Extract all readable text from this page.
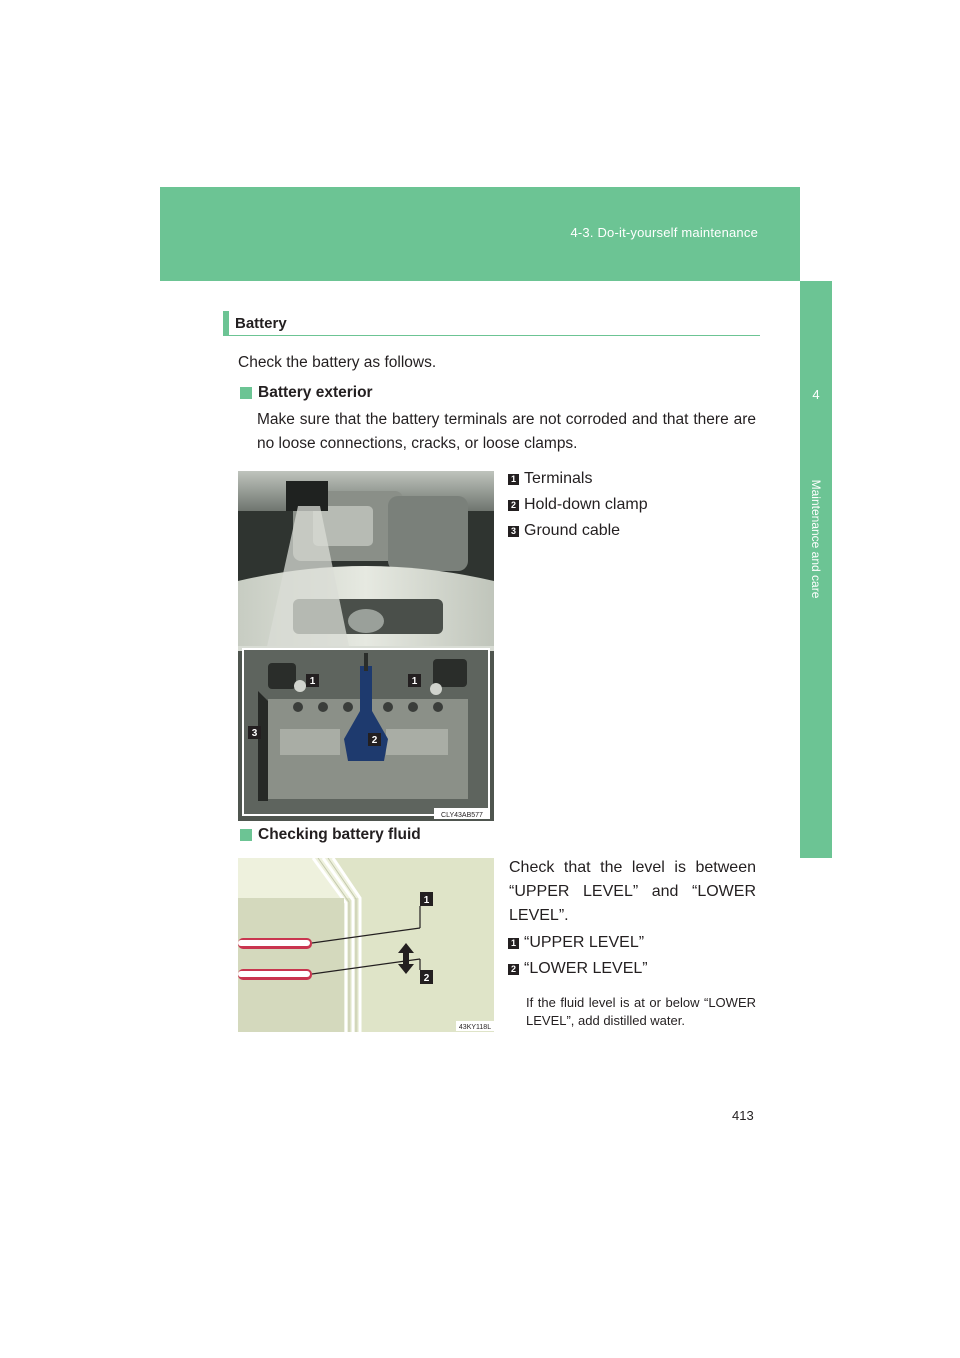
4-3. Do-it-yourself maintenance
4
Maintenance and care
Battery
Check the battery as follows.
Battery exterior
Make sure that the battery terminals are not corroded and that there are no loose connections, cracks, or loose clamps.
1	1
2
3
CLY43AB577
1 Terminals
2 Hold-down clamp
3 Ground cable
Checking battery fluid
1
2
43KY118L
Check that the level is between “UPPER LEVEL” and “LOWER LEVEL”.
1 “UPPER LEVEL”
2 “LOWER LEVEL”
If the fluid level is at or below “LOWER LEVEL”, add distilled water.
413
